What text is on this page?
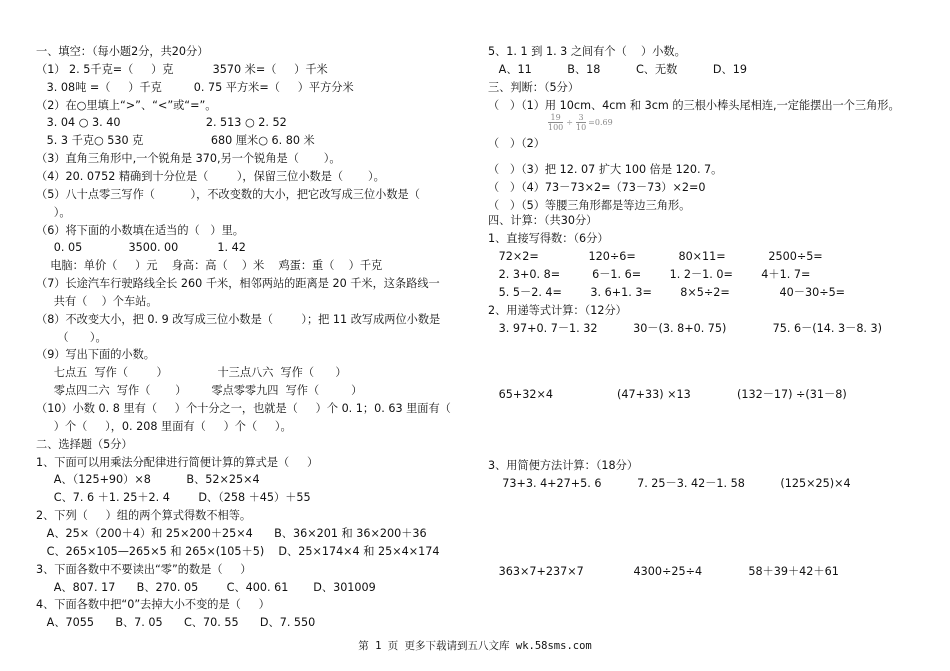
第 1 页 更多下载请到五八文库 wk.58sms.com
一、填空：（每小题2分，共20分）
（1） 2. 5千克=（     ）克           3570 米=（     ）千米
3. 08吨 =（     ）千克         0. 75 平方米=（     ）平方分米
（2）在○里填上“>”、“<”或“=”。
3. 04 ○ 3. 40                        2. 513 ○ 2. 52
5. 3 千克○ 530 克                   680 厘米○ 6. 80 米
（3）直角三角形中,一个锐角是 370,另一个锐角是（       ）。
（4）20. 0752 精确到十分位是（        ），保留三位小数是（       ）。
（5）八十点零三写作（          ），不改变数的大小，把它改写成三位小数是（
）。
（6）将下面的小数填在适当的（   ）里。
0. 05             3500. 00           1. 42
电脑：单价（     ）元    身高：高（    ）米    鸡蛋：重（    ）千克
（7）长途汽车行驶路线全长 260 千米，相邻两站的距离是 20 千米，这条路线一
共有（    ）个车站。
（8）不改变大小，把 0. 9 改写成三位小数是（        ）；把 11 改写成两位小数是
（      ）。
（9）写出下面的小数。
七点五  写作（        ）              十三点八六  写作（      ）
零点四二六  写作（       ）       零点零零九四  写作（         ）
（10）小数 0. 8 里有（     ）个十分之一，也就是（     ）个 0. 1；0. 63 里面有（
）个（     ），0. 208 里面有（     ）个（     ）。
二、选择题（5分）
1、下面可以用乘法分配律进行简便计算的算式是（     ）
A、（125+90）×8          B、52×25×4
C、7. 6 ＋1. 25＋2. 4        D、（258 ＋45）＋55
2、下列（     ）组的两个算式得数不相等。
A、25×（200＋4）和 25×200＋25×4      B、36×201 和 36×200＋36
C、265×105—265×5 和 265×(105＋5)    D、25×174×4 和 25×4×174
3、下面各数中不要读出“零”的数是（     ）
A、807. 17      B、270. 05        C、400. 61       D、301009
4、下面各数中把“0”去掉大小不变的是（     ）
A、7055      B、7. 05      C、70. 55      D、7. 550
5、1. 1 到 1. 3 之间有个（    ）小数。
A、11          B、18          C、无数          D、19
三、判断：（5分）
（   ）（1）用 10cm、4cm 和 3cm 的三根小棒头尾相连,一定能摆出一个三角形。
$\frac{19}{100} \div \frac{3}{10} =0.69$
（   ）（2）
（   ）（3）把 12. 07 扩大 100 倍是 120. 7。
（   ）（4）73－73×2=（73－73）×2=0
（   ）（5）等腰三角形都是等边三角形。
四、计算：（共30分）
1、直接写得数：（6分）
72×2=              120÷6=            80×11=            2500÷5=
2. 3+0. 8=         6－1. 6=        1. 2－1. 0=        4＋1. 7=
5. 5－2. 4=        3. 6+1. 3=        8×5÷2=              40－30÷5=
2、用递等式计算：（12分）
3. 97+0. 7－1. 32          30－(3. 8+0. 75)             75. 6－(14. 3－8. 3)
65+32×4                  (47+33) ×13             (132－17) ÷(31－8)
3、用简便方法计算：（18分）
73+3. 4+27+5. 6          7. 25－3. 42－1. 58          (125×25)×4
363×7+237×7              4300÷25÷4             58＋39＋42＋61
